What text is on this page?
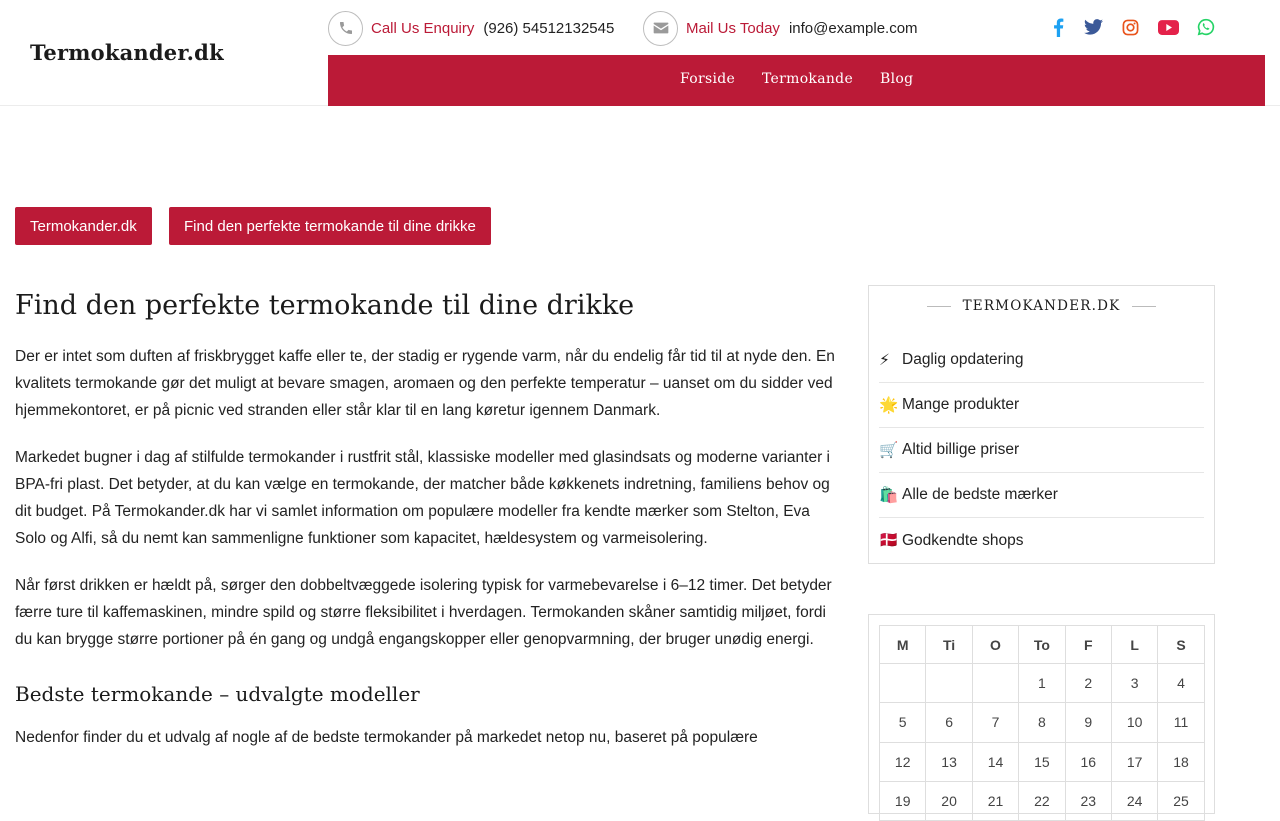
Termokander.dk
Call Us Enquiry (926) 54512132545	Mail Us Today info@example.com
Forside Termokande Blog
Termokander.dk	Find den perfekte termokande til dine drikke
Find den perfekte termokande til dine drikke

Der er intet som duften af friskbrygget kaffe eller te, der stadig er rygende varm, når du endelig får tid til at nyde den. En kvalitets termokande gør det muligt at bevare smagen, aromaen og den perfekte temperatur – uanset om du sidder ved hjemmekontoret, er på picnic ved stranden eller står klar til en lang køretur igennem Danmark.

Markedet bugner i dag af stilfulde termokander i rustfrit stål, klassiske modeller med glasindsats og moderne varianter i BPA-fri plast. Det betyder, at du kan vælge en termokande, der matcher både køkkenets indretning, familiens behov og dit budget. På Termokander.dk har vi samlet information om populære modeller fra kendte mærker som Stelton, Eva Solo og Alfi, så du nemt kan sammenligne funktioner som kapacitet, hældesystem og varmeisolering.

Når først drikken er hældt på, sørger den dobbeltvæggede isolering typisk for varmebevarelse i 6–12 timer. Det betyder færre ture til kaffemaskinen, mindre spild og større fleksibilitet i hverdagen. Termokanden skåner samtidig miljøet, fordi du kan brygge større portioner på én gang og undgå engangskopper eller genopvarmning, der bruger unødig energi.

Bedste termokande – udvalgte modeller

Nedenfor finder du et udvalg af nogle af de bedste termokander på markedet netop nu, baseret på populære

TERMOKANDER.DK
⚡ Daglig opdatering
🌟 Mange produkter
🛒 Altid billige priser
🛍️ Alle de bedste mærker
🇩🇰 Godkendte shops
M	Ti	O	To	F	L	S
			1	2	3	4
5	6	7	8	9	10	11
12	13	14	15	16	17	18
19	20	21	22	23	24	25
